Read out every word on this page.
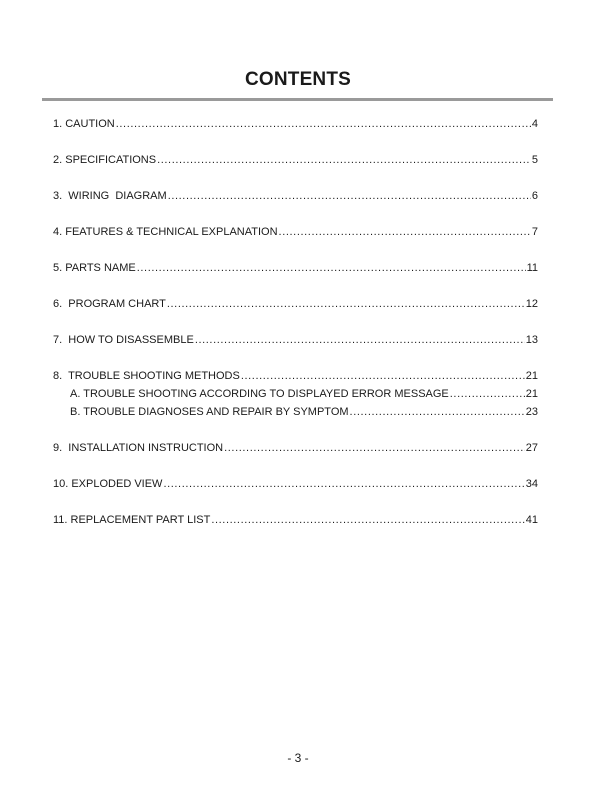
CONTENTS
1. CAUTION .....	4
2. SPECIFICATIONS .....	5
3.  WIRING  DIAGRAM .....	6
4. FEATURES & TECHNICAL EXPLANATION .....	7
5. PARTS NAME .....	11
6.  PROGRAM CHART .....	12
7.  HOW TO DISASSEMBLE .....	13
8.  TROUBLE SHOOTING METHODS .....	21
A. TROUBLE SHOOTING ACCORDING TO DISPLAYED ERROR MESSAGE .....	21
B. TROUBLE DIAGNOSES AND REPAIR BY SYMPTOM .....	23
9.  INSTALLATION INSTRUCTION .....	27
10. EXPLODED VIEW .....	34
11. REPLACEMENT PART LIST .....	41
- 3 -
